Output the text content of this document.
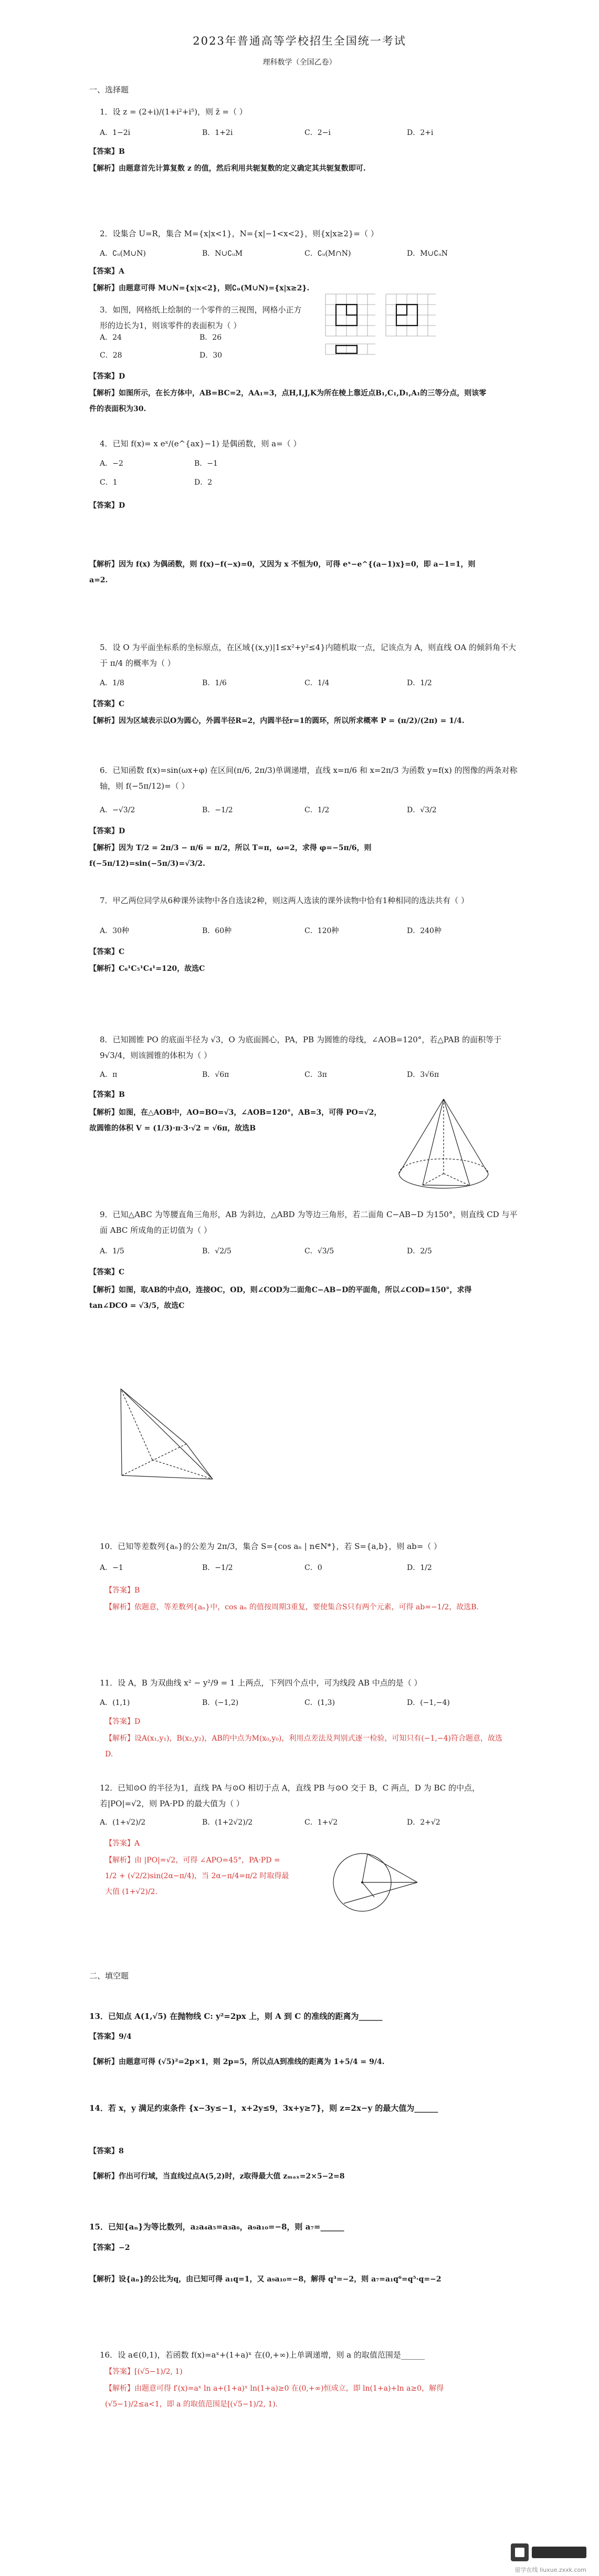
2023年普通高等学校招生全国统一考试
理科数学（全国乙卷）
一、选择题
1．设 z = (2+i)/(1+i²+i⁵)，则 z̄ =（ ）
A．1−2i	B．1+2i	C．2−i	D．2+i
【答案】B
【解析】由题意首先计算复数 z 的值，然后利用共轭复数的定义确定其共轭复数即可.
2．设集合 U=R，集合 M={x|x<1}，N={x|−1<x<2}，则{x|x≥2}=（ ）
A．∁ᵤ(M∪N)	B．N∪∁ᵤM	C．∁ᵤ(M∩N)	D．M∪∁ᵤN
【答案】A
【解析】由题意可得 M∪N={x|x<2}，则∁ᵤ(M∪N)={x|x≥2}.
3．如图，网格纸上绘制的一个零件的三视图，网格小正方形的边长为1，则该零件的表面积为（ ）
A．24	B．26
C．28	D．30
【答案】D
【解析】如图所示，在长方体中，AB=BC=2，AA₁=3，点H,I,J,K为所在棱上靠近点B₁,C₁,D₁,A₁的三等分点，则该零件的表面积为30.
4．已知 f(x)= x eˣ/(e^{ax}−1) 是偶函数，则 a=（ ）
A．−2	B．−1
C．1	D．2
【答案】D
【解析】因为 f(x) 为偶函数，则 f(x)−f(−x)=0，又因为 x 不恒为0，可得 eˣ−e^{(a−1)x}=0，即 a−1=1，则 a=2.
5．设 O 为平面坐标系的坐标原点，在区域{(x,y)|1≤x²+y²≤4}内随机取一点，记该点为 A，则直线 OA 的倾斜角不大于 π/4 的概率为（ ）
A．1/8	B．1/6	C．1/4	D．1/2
【答案】C
【解析】因为区域表示以O为圆心，外圆半径R=2，内圆半径r=1的圆环，所以所求概率 P = (π/2)/(2π) = 1/4.
6．已知函数 f(x)=sin(ωx+φ) 在区间(π/6, 2π/3)单调递增，直线 x=π/6 和 x=2π/3 为函数 y=f(x) 的图像的两条对称轴，则 f(−5π/12)=（ ）
A．−√3/2	B．−1/2	C．1/2	D．√3/2
【答案】D
【解析】因为 T/2 = 2π/3 − π/6 = π/2，所以 T=π，ω=2，求得 φ=−5π/6，则 f(−5π/12)=sin(−5π/3)=√3/2.
7．甲乙两位同学从6种课外读物中各自选读2种，则这两人选读的课外读物中恰有1种相同的选法共有（ ）
A．30种	B．60种	C．120种	D．240种
【答案】C
【解析】C₆¹C₅¹C₄¹=120，故选C
8．已知圆锥 PO 的底面半径为 √3，O 为底面圆心，PA，PB 为圆锥的母线，∠AOB=120°，若△PAB 的面积等于 9√3/4，则该圆锥的体积为（ ）
A．π	B．√6π	C．3π	D．3√6π
【答案】B
【解析】如图，在△AOB中，AO=BO=√3，∠AOB=120°，AB=3，可得 PO=√2，故圆锥的体积 V = (1/3)·π·3·√2 = √6π，故选B
9．已知△ABC 为等腰直角三角形，AB 为斜边，△ABD 为等边三角形，若二面角 C−AB−D 为150°，则直线 CD 与平面 ABC 所成角的正切值为（ ）
A．1/5	B．√2/5	C．√3/5	D．2/5
【答案】C
【解析】如图，取AB的中点O，连接OC，OD，则∠COD为二面角C−AB−D的平面角，所以∠COD=150°，求得 tan∠DCO = √3/5，故选C
10．已知等差数列{aₙ}的公差为 2π/3，集合 S={cos aₙ | n∈N*}，若 S={a,b}，则 ab=（ ）
A．−1	B．−1/2	C．0	D．1/2
【答案】B
【解析】依题意，等差数列{aₙ}中，cos aₙ 的值按周期3重复，要使集合S只有两个元素，可得 ab=−1/2，故选B.
11．设 A，B 为双曲线 x² − y²/9 = 1 上两点，下列四个点中，可为线段 AB 中点的是（ ）
A．(1,1)	B．(−1,2)	C．(1,3)	D．(−1,−4)
【答案】D
【解析】设A(x₁,y₁)，B(x₂,y₂)，AB的中点为M(x₀,y₀)，利用点差法及判别式逐一检验，可知只有(−1,−4)符合题意，故选D.
12．已知⊙O 的半径为1，直线 PA 与⊙O 相切于点 A，直线 PB 与⊙O 交于 B，C 两点，D 为 BC 的中点，若|PO|=√2，则 PA·PD 的最大值为（ ）
A．(1+√2)/2	B．(1+2√2)/2	C．1+√2	D．2+√2
【答案】A
【解析】由 |PO|=√2，可得 ∠APO=45°，PA·PD = 1/2 + (√2/2)sin(2α−π/4)，当 2α−π/4=π/2 时取得最大值 (1+√2)/2.
二、填空题
13．已知点 A(1,√5) 在抛物线 C: y²=2px 上，则 A 到 C 的准线的距离为______
【答案】9/4
【解析】由题意可得 (√5)²=2p×1，则 2p=5，所以点A到准线的距离为 1+5/4 = 9/4.
14．若 x，y 满足约束条件 {x−3y≤−1，x+2y≤9，3x+y≥7}，则 z=2x−y 的最大值为______
【答案】8
【解析】作出可行域，当直线过点A(5,2)时，z取得最大值 zₘₐₓ=2×5−2=8
15．已知{aₙ}为等比数列，a₂a₄a₅=a₃a₆，a₉a₁₀=−8，则 a₇=______
【答案】−2
【解析】设{aₙ}的公比为q，由已知可得 a₁q=1，又 a₉a₁₀=−8，解得 q³=−2，则 a₇=a₁q⁶=q⁵·q=−2
16．设 a∈(0,1)，若函数 f(x)=aˣ+(1+a)ˣ 在(0,+∞)上单调递增，则 a 的取值范围是______
【答案】[(√5−1)/2, 1)
【解析】由题意可得 f′(x)=aˣ ln a+(1+a)ˣ ln(1+a)≥0 在(0,+∞)恒成立，即 ln(1+a)+ln a≥0，解得 (√5−1)/2≤a<1，即 a 的取值范围是[(√5−1)/2, 1).
留学在线 liuxue.zxxk.com
